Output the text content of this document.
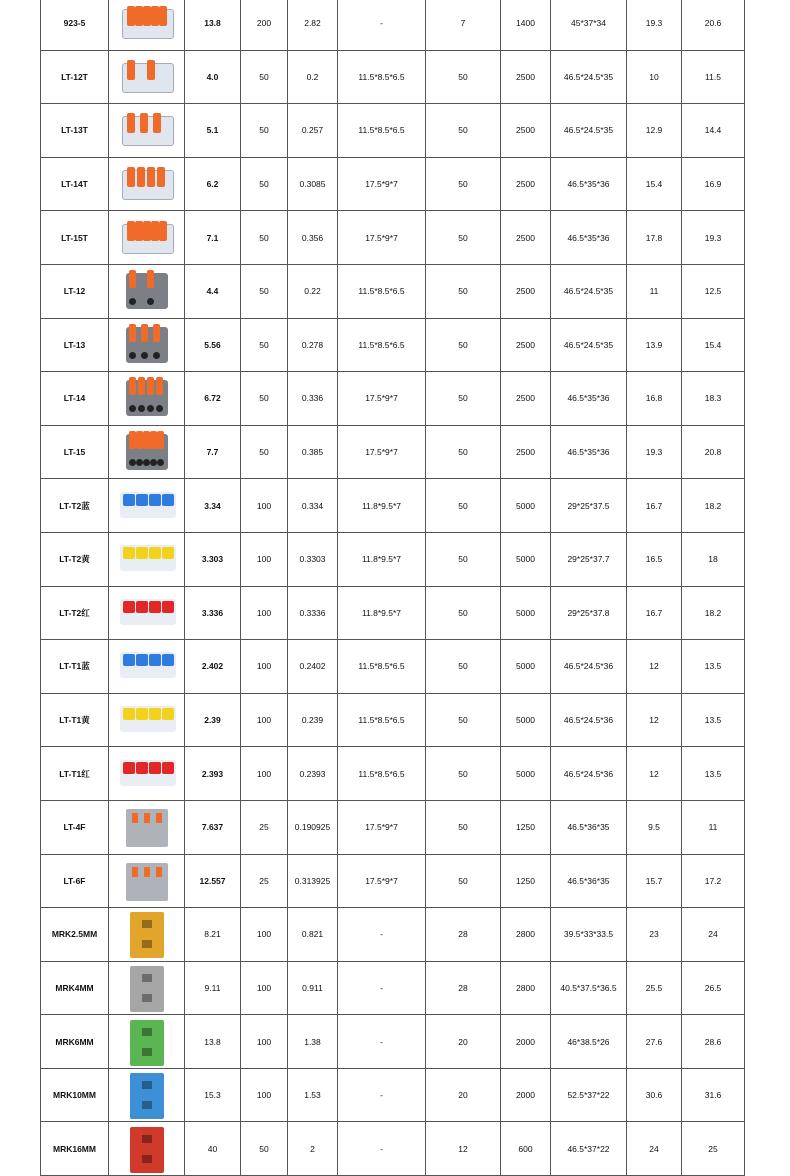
923-5		13.8	200	2.82	-	7	1400	45*37*34	19.3	20.6
LT-12T		4.0	50	0.2	11.5*8.5*6.5	50	2500	46.5*24.5*35	10	11.5
LT-13T		5.1	50	0.257	11.5*8.5*6.5	50	2500	46.5*24.5*35	12.9	14.4
LT-14T		6.2	50	0.3085	17.5*9*7	50	2500	46.5*35*36	15.4	16.9
LT-15T		7.1	50	0.356	17.5*9*7	50	2500	46.5*35*36	17.8	19.3
LT-12		4.4	50	0.22	11.5*8.5*6.5	50	2500	46.5*24.5*35	11	12.5
LT-13		5.56	50	0.278	11.5*8.5*6.5	50	2500	46.5*24.5*35	13.9	15.4
LT-14		6.72	50	0.336	17.5*9*7	50	2500	46.5*35*36	16.8	18.3
LT-15		7.7	50	0.385	17.5*9*7	50	2500	46.5*35*36	19.3	20.8
LT-T2蓝		3.34	100	0.334	11.8*9.5*7	50	5000	29*25*37.5	16.7	18.2
LT-T2黄		3.303	100	0.3303	11.8*9.5*7	50	5000	29*25*37.7	16.5	18
LT-T2红		3.336	100	0.3336	11.8*9.5*7	50	5000	29*25*37.8	16.7	18.2
LT-T1蓝		2.402	100	0.2402	11.5*8.5*6.5	50	5000	46.5*24.5*36	12	13.5
LT-T1黄		2.39	100	0.239	11.5*8.5*6.5	50	5000	46.5*24.5*36	12	13.5
LT-T1红		2.393	100	0.2393	11.5*8.5*6.5	50	5000	46.5*24.5*36	12	13.5
LT-4F		7.637	25	0.190925	17.5*9*7	50	1250	46.5*36*35	9.5	11
LT-6F		12.557	25	0.313925	17.5*9*7	50	1250	46.5*36*35	15.7	17.2
MRK2.5MM		8.21	100	0.821	-	28	2800	39.5*33*33.5	23	24
MRK4MM		9.11	100	0.911	-	28	2800	40.5*37.5*36.5	25.5	26.5
MRK6MM		13.8	100	1.38	-	20	2000	46*38.5*26	27.6	28.6
MRK10MM		15.3	100	1.53	-	20	2000	52.5*37*22	30.6	31.6
MRK16MM		40	50	2	-	12	600	46.5*37*22	24	25
